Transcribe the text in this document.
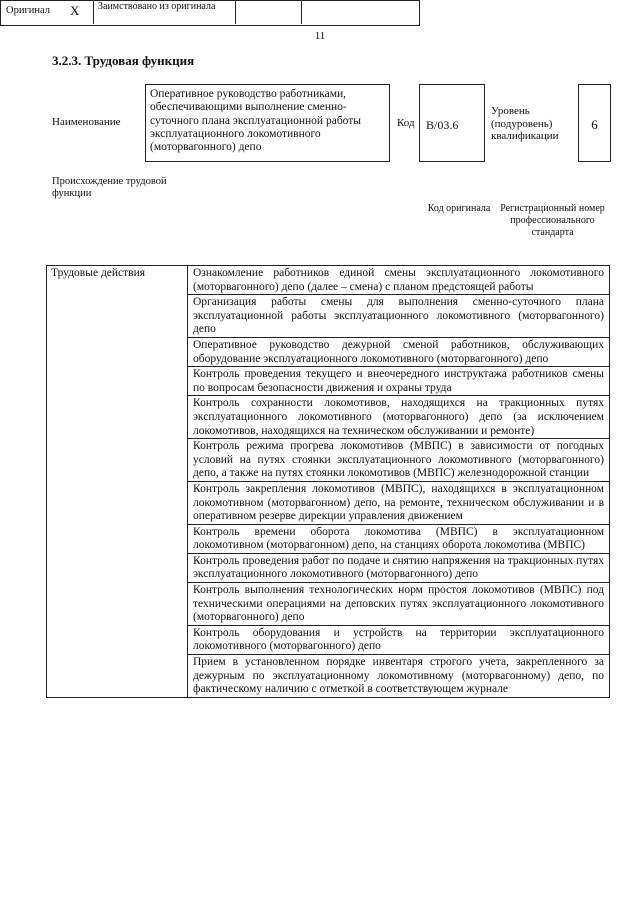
11
3.2.3. Трудовая функция
Наименование
Оперативное руководство работниками, обеспечивающими выполнение сменно-суточного плана эксплуатационной работы эксплуатационного локомотивного (моторвагонного) депо
Код B/03.6
Уровень (подуровень) квалификации
6
Происхождение трудовой функции
Оригинал X Заимствовано из оригинала
Код оригинала Регистрационный номер профессионального стандарта
Трудовые действия	Ознакомление работников единой смены эксплуатационного локомотивного (моторвагонного) депо (далее – смена) с планом предстоящей работы
Организация работы смены для выполнения сменно-суточного плана эксплуатационной работы эксплуатационного локомотивного (моторвагонного) депо
Оперативное руководство дежурной сменой работников, обслуживающих оборудование эксплуатационного локомотивного (моторвагонного) депо
Контроль проведения текущего и внеочередного инструктажа работников смены по вопросам безопасности движения и охраны труда
Контроль сохранности локомотивов, находящихся на тракционных путях эксплуатационного локомотивного (моторвагонного) депо (за исключением локомотивов, находящихся на техническом обслуживании и ремонте)
Контроль режима прогрева локомотивов (МВПС) в зависимости от погодных условий на путях стоянки эксплуатационного локомотивного (моторвагонного) депо, а также на путях стоянки локомотивов (МВПС) железнодорожной станции
Контроль закрепления локомотивов (МВПС), находящихся в эксплуатационном локомотивном (моторвагонном) депо, на ремонте, техническом обслуживании и в оперативном резерве дирекции управления движением
Контроль времени оборота локомотива (МВПС) в эксплуатационном локомотивном (моторвагонном) депо, на станциях оборота локомотива (МВПС)
Контроль проведения работ по подаче и снятию напряжения на тракционных путях эксплуатационного локомотивного (моторвагонного) депо
Контроль выполнения технологических норм простоя локомотивов (МВПС) под техническими операциями на деповских путях эксплуатационного локомотивного (моторвагонного) депо
Контроль оборудования и устройств на территории эксплуатационного локомотивного (моторвагонного) депо
Прием в установленном порядке инвентаря строгого учета, закрепленного за дежурным по эксплуатационному локомотивному (моторвагонному) депо, по фактическому наличию с отметкой в соответствующем журнале
